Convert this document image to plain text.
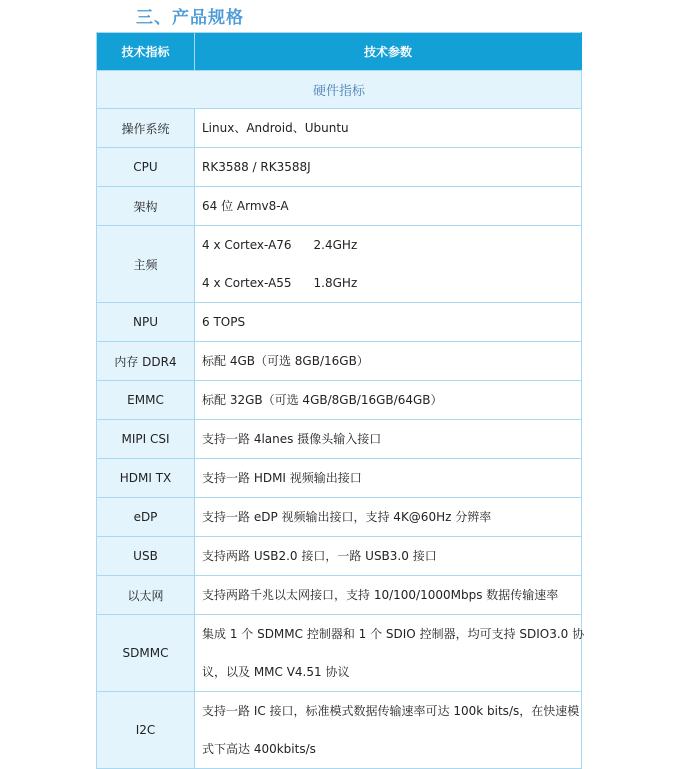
三、产品规格
技术指标	技术参数
硬件指标	
操作系统	Linux、Android、Ubuntu

CPU	RK3588 / RK3588J

架构	64 位 Armv8-A

主频	4 x Cortex-A76 2.4GHz
4 x Cortex-A55 1.8GHz

NPU	6 TOPS

内存 DDR4	标配 4GB（可选 8GB/16GB）

EMMC	标配 32GB（可选 4GB/8GB/16GB/64GB）

MIPI CSI	支持一路 4lanes 摄像头输入接口

HDMI TX	支持一路 HDMI 视频输出接口

eDP	支持一路 eDP 视频输出接口，支持 4K@60Hz 分辨率

USB	支持两路 USB2.0 接口，一路 USB3.0 接口

以太网	支持两路千兆以太网接口，支持 10/100/1000Mbps 数据传输速率

SDMMC	集成 1 个 SDMMC 控制器和 1 个 SDIO 控制器，均可支持 SDIO3.0 协
议，以及 MMC V4.51 协议

I2C	支持一路 IC 接口，标准模式数据传输速率可达 100k bits/s，在快速模
式下高达 400kbits/s
